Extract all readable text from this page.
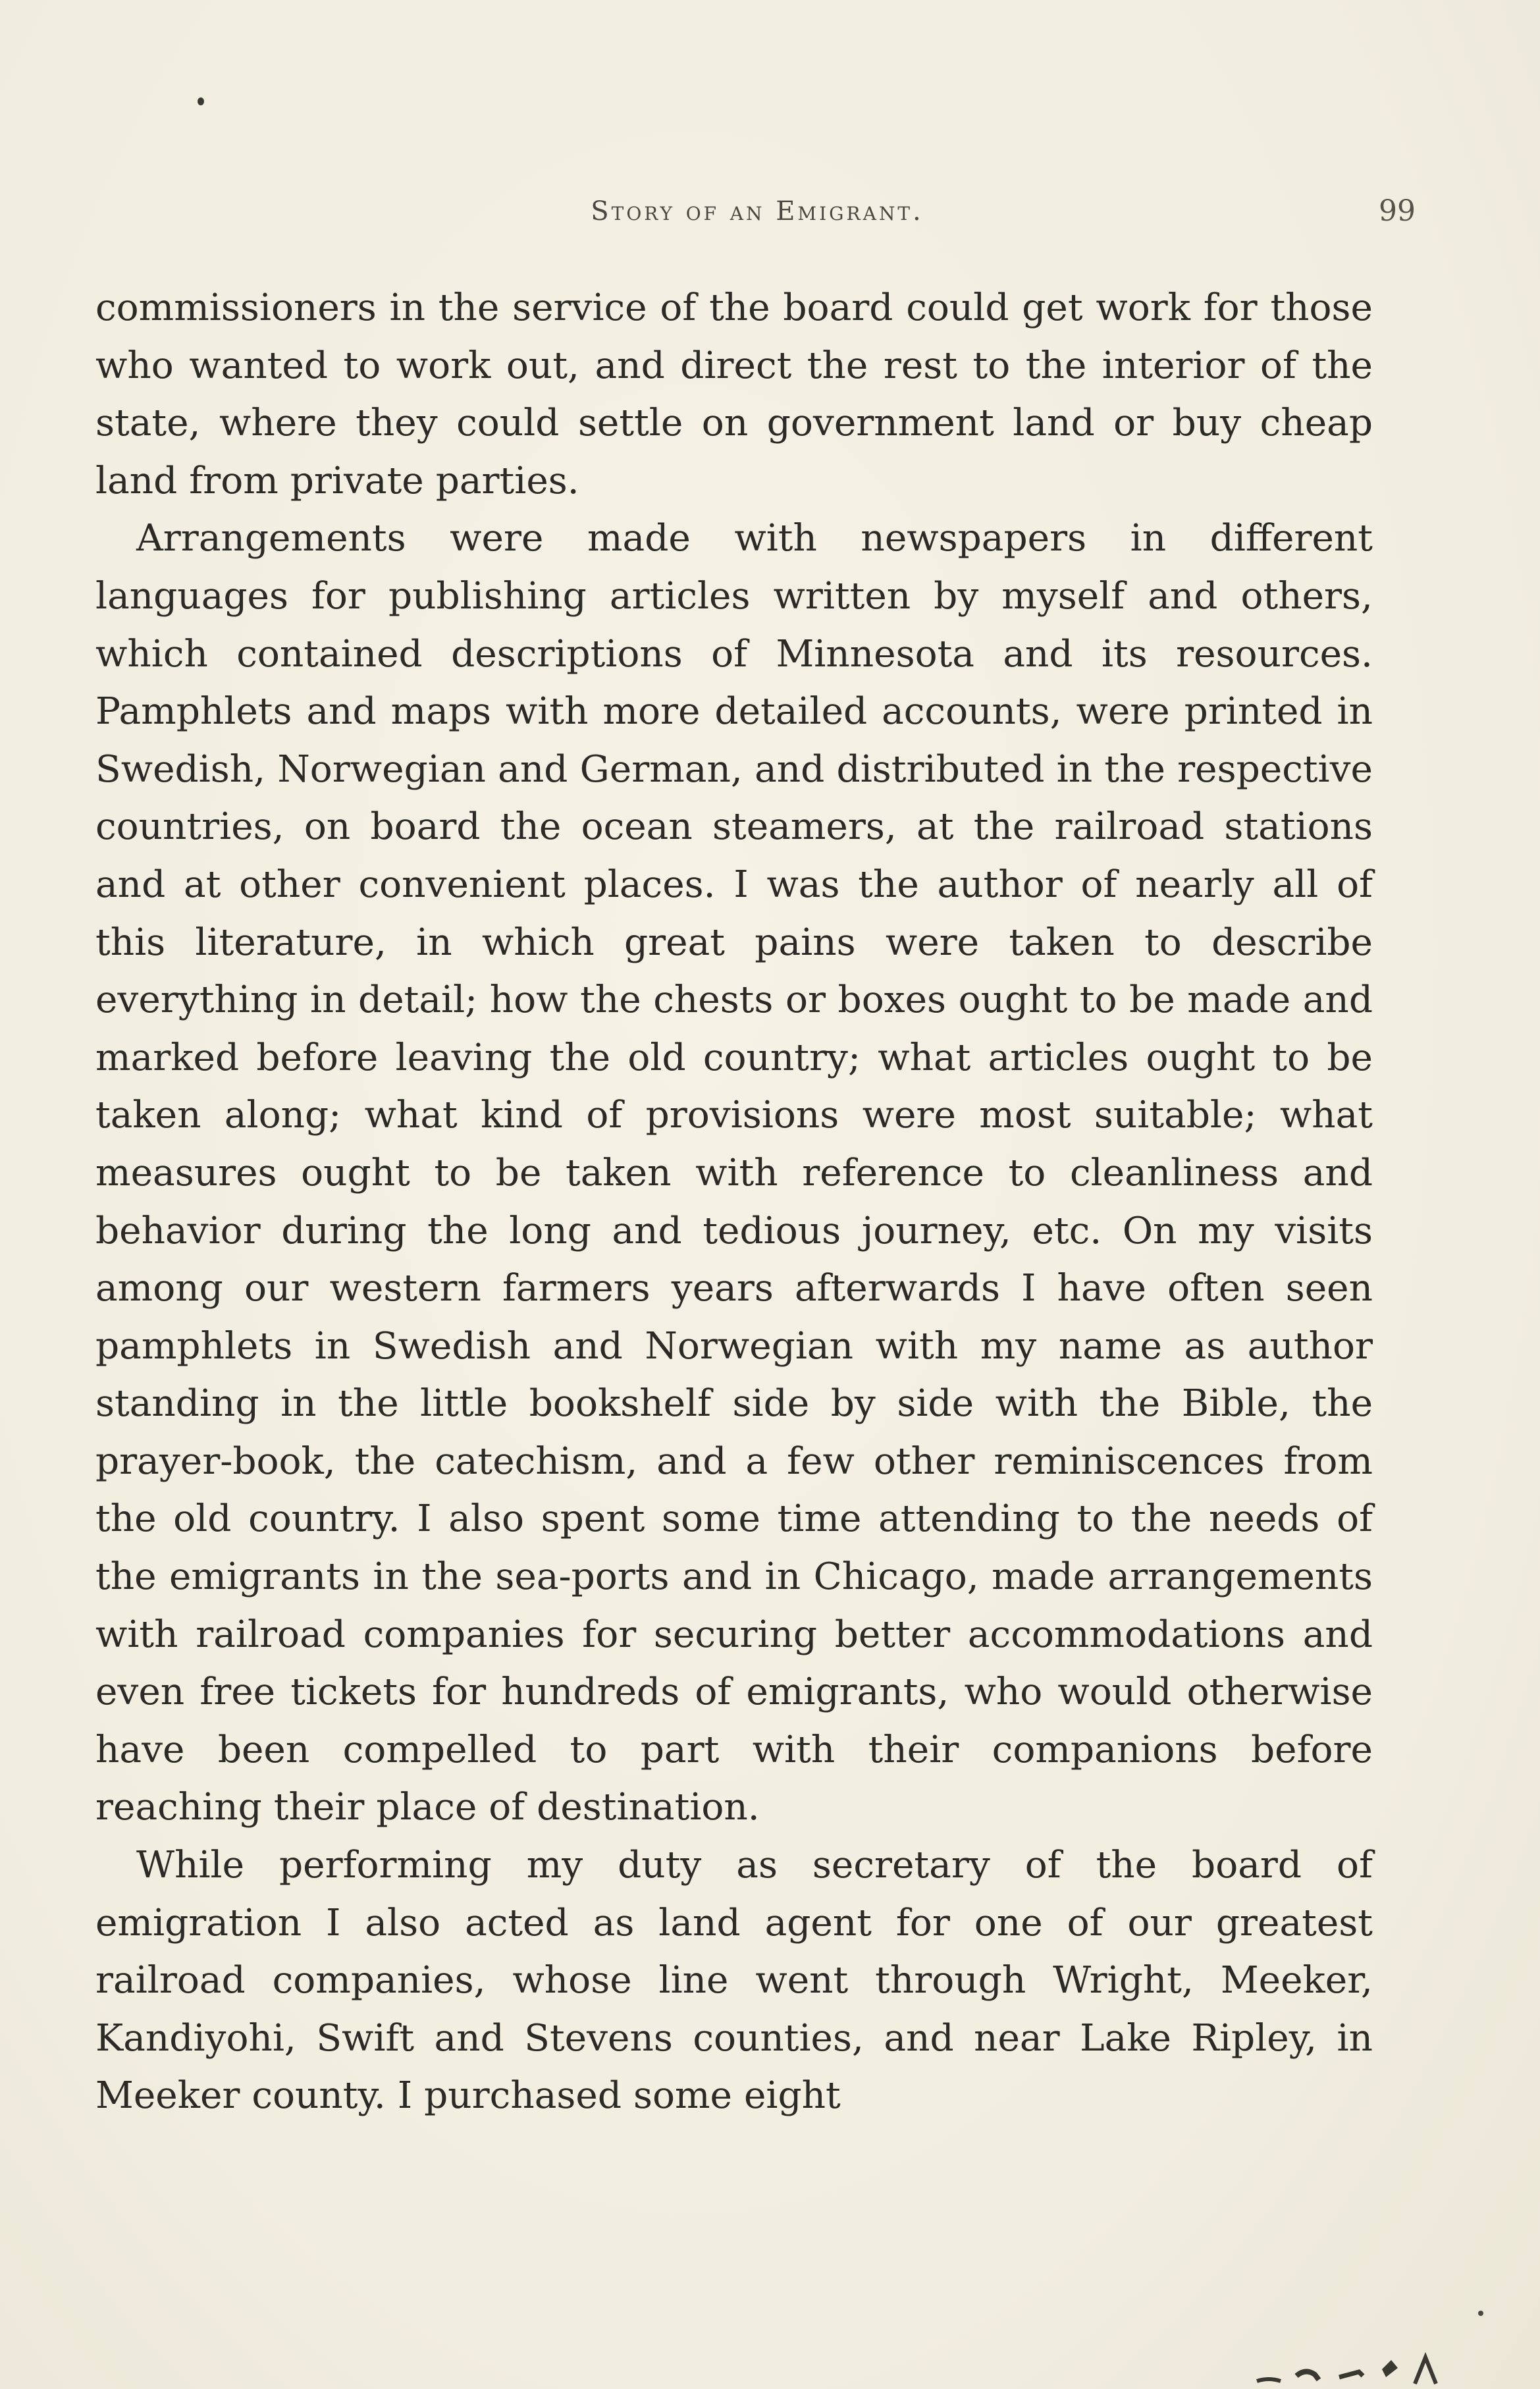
Story of an Emigrant.	99

commissioners in the service of the board could get work for those who wanted to work out, and direct the rest to the interior of the state, where they could settle on government land or buy cheap land from private parties.

Arrangements were made with newspapers in different languages for publishing articles written by myself and others, which contained descriptions of Minnesota and its resources. Pamphlets and maps with more detailed accounts, were printed in Swedish, Norwegian and German, and distributed in the respective countries, on board the ocean steamers, at the railroad stations and at other convenient places. I was the author of nearly all of this literature, in which great pains were taken to describe everything in detail; how the chests or boxes ought to be made and marked before leaving the old country; what articles ought to be taken along; what kind of provisions were most suitable; what measures ought to be taken with reference to cleanliness and behavior during the long and tedious journey, etc. On my visits among our western farmers years afterwards I have often seen pamphlets in Swedish and Norwegian with my name as author standing in the little bookshelf side by side with the Bible, the prayer-book, the catechism, and a few other reminiscences from the old country. I also spent some time attending to the needs of the emigrants in the sea-ports and in Chicago, made arrangements with railroad companies for securing better accommodations and even free tickets for hundreds of emigrants, who would otherwise have been compelled to part with their companions before reaching their place of destination.

While performing my duty as secretary of the board of emigration I also acted as land agent for one of our greatest railroad companies, whose line went through Wright, Meeker, Kandiyohi, Swift and Stevens counties, and near Lake Ripley, in Meeker county. I purchased some eight
